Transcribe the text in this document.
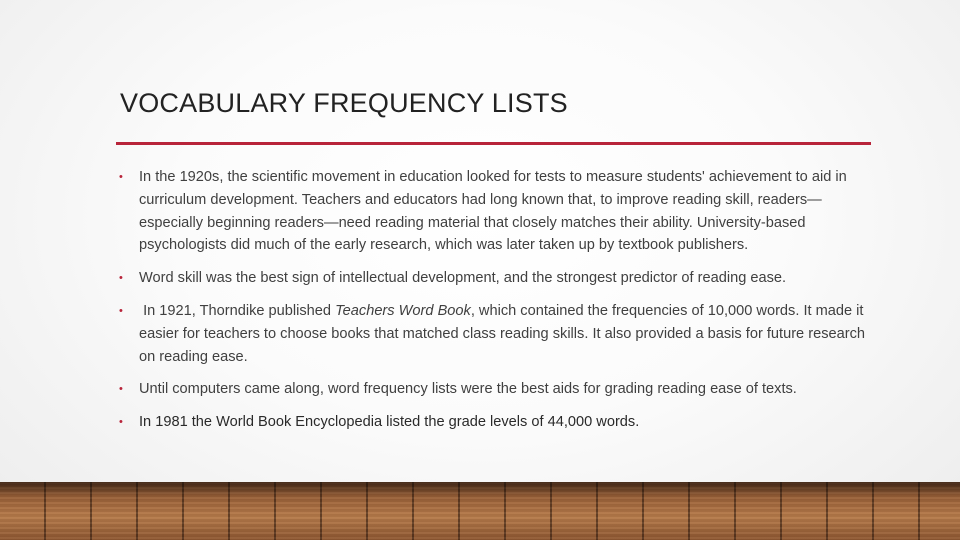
VOCABULARY FREQUENCY LISTS
• In the 1920s, the scientific movement in education looked for tests to measure students' achievement to aid in curriculum development. Teachers and educators had long known that, to improve reading skill, readers—especially beginning readers—need reading material that closely matches their ability. University-based psychologists did much of the early research, which was later taken up by textbook publishers.
• Word skill was the best sign of intellectual development, and the strongest predictor of reading ease.
• In 1921, Thorndike published Teachers Word Book, which contained the frequencies of 10,000 words. It made it easier for teachers to choose books that matched class reading skills. It also provided a basis for future research on reading ease.
• Until computers came along, word frequency lists were the best aids for grading reading ease of texts.
• In 1981 the World Book Encyclopedia listed the grade levels of 44,000 words.
